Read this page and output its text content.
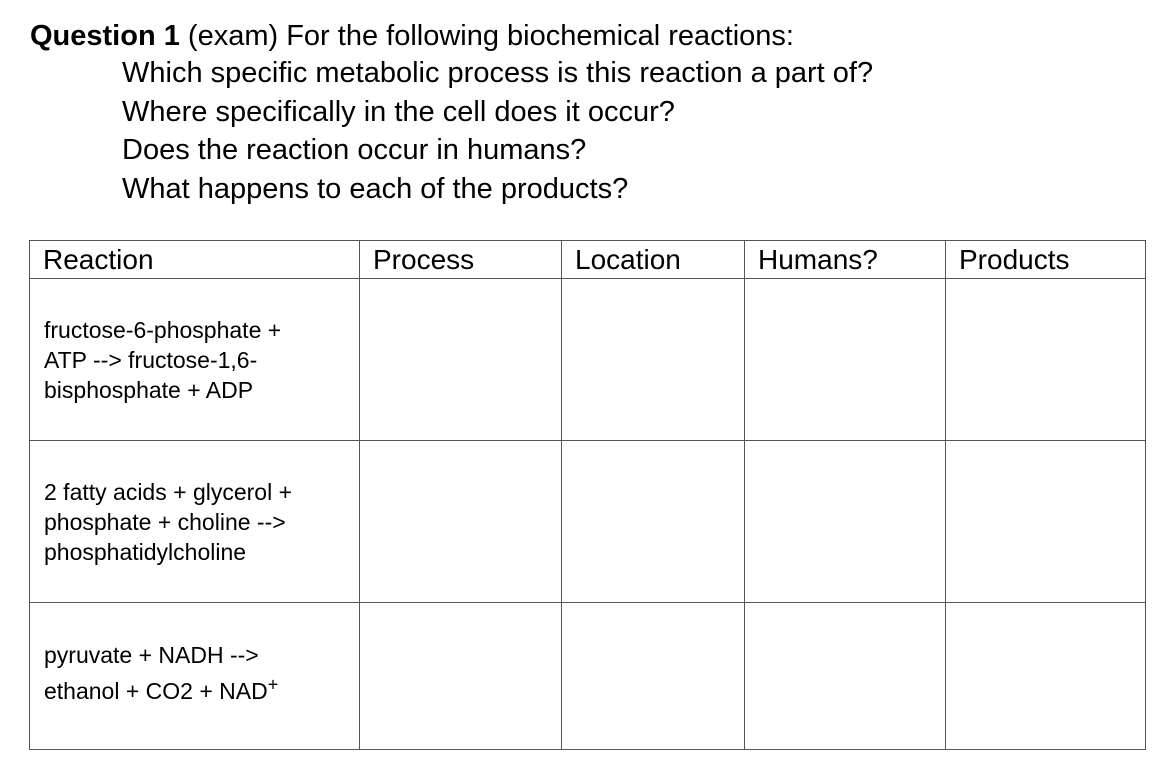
Question 1 (exam) For the following biochemical reactions:
Which specific metabolic process is this reaction a part of?
Where specifically in the cell does it occur?
Does the reaction occur in humans?
What happens to each of the products?
Reaction	Process	Location	Humans?	Products

fructose-6-phosphate +
ATP --> fructose-1,6-
bisphosphate + ADP				

2 fatty acids + glycerol +
phosphate + choline -->
phosphatidylcholine				

pyruvate + NADH -->
ethanol + CO2 + NAD+
